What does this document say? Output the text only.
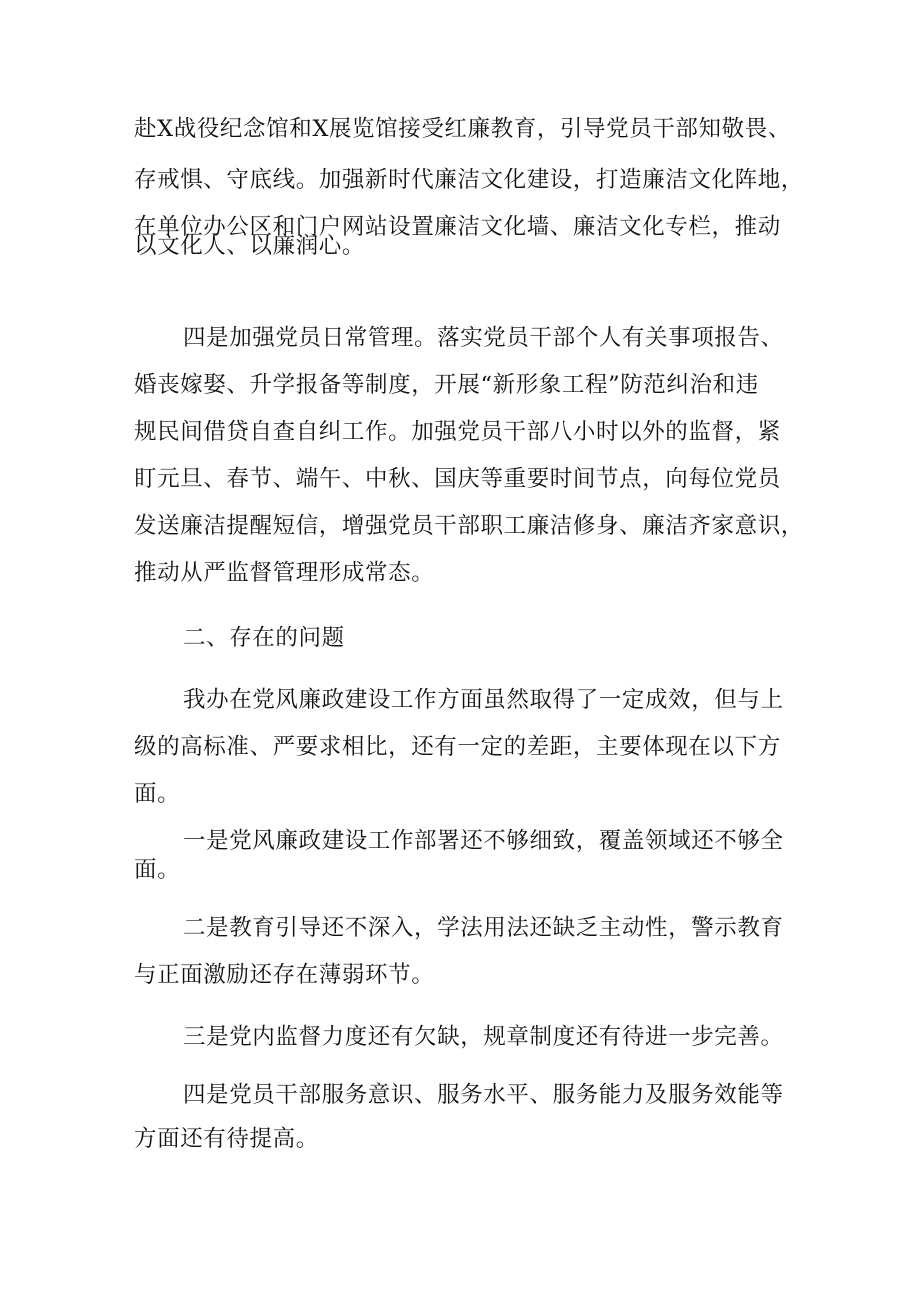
赴X战役纪念馆和X展览馆接受红廉教育，引导党员干部知敬畏、
存戒惧、守底线。加强新时代廉洁文化建设，打造廉洁文化阵地，
在单位办公区和门户网站设置廉洁文化墙、廉洁文化专栏，推动
以文化人、以廉润心。
四是加强党员日常管理。落实党员干部个人有关事项报告、
婚丧嫁娶、升学报备等制度，开展“新形象工程”防范纠治和违
规民间借贷自查自纠工作。加强党员干部八小时以外的监督，紧
盯元旦、春节、端午、中秋、国庆等重要时间节点，向每位党员
发送廉洁提醒短信，增强党员干部职工廉洁修身、廉洁齐家意识，
推动从严监督管理形成常态。
二、存在的问题
我办在党风廉政建设工作方面虽然取得了一定成效，但与上
级的高标准、严要求相比，还有一定的差距，主要体现在以下方
面。
一是党风廉政建设工作部署还不够细致，覆盖领域还不够全
面。
二是教育引导还不深入，学法用法还缺乏主动性，警示教育
与正面激励还存在薄弱环节。
三是党内监督力度还有欠缺，规章制度还有待进一步完善。
四是党员干部服务意识、服务水平、服务能力及服务效能等
方面还有待提高。
